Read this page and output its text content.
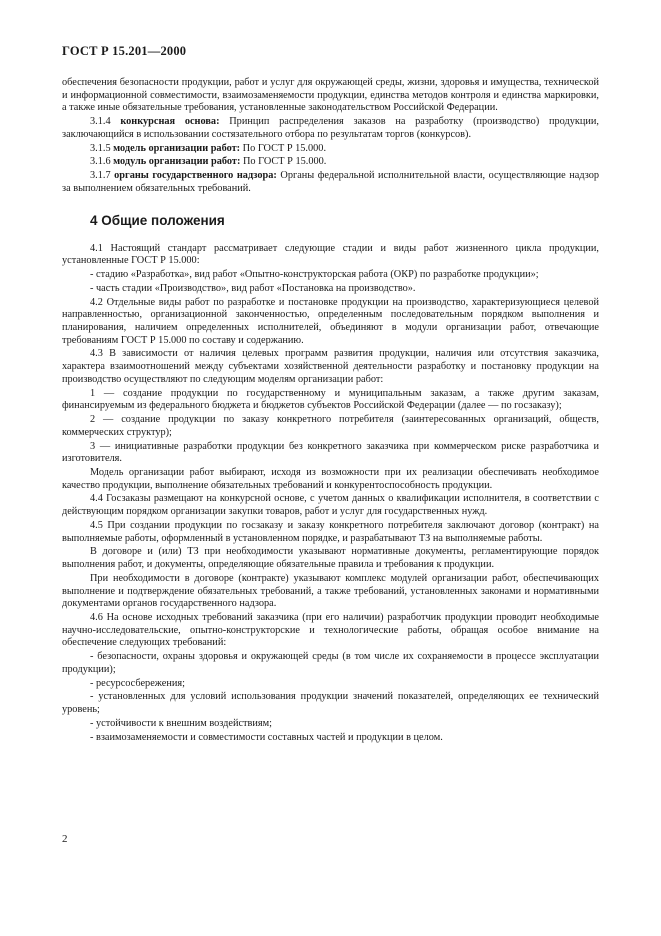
ГОСТ Р 15.201—2000

обеспечения безопасности продукции, работ и услуг для окружающей среды, жизни, здоровья и имущества, технической и информационной совместимости, взаимозаменяемости продукции, единства методов контроля и единства маркировки, а также иные обязательные требования, установленные законодательством Российской Федерации.

3.1.4 конкурсная основа: Принцип распределения заказов на разработку (производство) продукции, заключающийся в использовании состязательного отбора по результатам торгов (конкурсов).

3.1.5 модель организации работ: По ГОСТ Р 15.000.

3.1.6 модуль организации работ: По ГОСТ Р 15.000.

3.1.7 органы государственного надзора: Органы федеральной исполнительной власти, осуществляющие надзор за выполнением обязательных требований.

4 Общие положения

4.1 Настоящий стандарт рассматривает следующие стадии и виды работ жизненного цикла продукции, установленные ГОСТ Р 15.000:

- стадию «Разработка», вид работ «Опытно-конструкторская работа (ОКР) по разработке продукции»;

- часть стадии «Производство», вид работ «Постановка на производство».

4.2 Отдельные виды работ по разработке и постановке продукции на производство, характеризующиеся целевой направленностью, организационной законченностью, определенным последовательным порядком выполнения и планирования, наличием определенных исполнителей, объединяют в модули организации работ, отвечающие требованиям ГОСТ Р 15.000 по составу и содержанию.

4.3 В зависимости от наличия целевых программ развития продукции, наличия или отсутствия заказчика, характера взаимоотношений между субъектами хозяйственной деятельности разработку и постановку продукции на производство осуществляют по следующим моделям организации работ:

1 — создание продукции по государственному и муниципальным заказам, а также другим заказам, финансируемым из федерального бюджета и бюджетов субъектов Российской Федерации (далее — по госзаказу);

2 — создание продукции по заказу конкретного потребителя (заинтересованных организаций, обществ, коммерческих структур);

3 — инициативные разработки продукции без конкретного заказчика при коммерческом риске разработчика и изготовителя.

Модель организации работ выбирают, исходя из возможности при их реализации обеспечивать необходимое качество продукции, выполнение обязательных требований и конкурентоспособность продукции.

4.4 Госзаказы размещают на конкурсной основе, с учетом данных о квалификации исполнителя, в соответствии с действующим порядком организации закупки товаров, работ и услуг для государственных нужд.

4.5 При создании продукции по госзаказу и заказу конкретного потребителя заключают договор (контракт) на выполняемые работы, оформленный в установленном порядке, и разрабатывают ТЗ на выполняемые работы.

В договоре и (или) ТЗ при необходимости указывают нормативные документы, регламентирующие порядок выполнения работ, и документы, определяющие обязательные правила и требования к продукции.

При необходимости в договоре (контракте) указывают комплекс модулей организации работ, обеспечивающих выполнение и подтверждение обязательных требований, а также требований, установленных законами и нормативными документами органов государственного надзора.

4.6 На основе исходных требований заказчика (при его наличии) разработчик продукции проводит необходимые научно-исследовательские, опытно-конструкторские и технологические работы, обращая особое внимание на обеспечение следующих требований:

- безопасности, охраны здоровья и окружающей среды (в том числе их сохраняемости в процессе эксплуатации продукции);

- ресурсосбережения;

- установленных для условий использования продукции значений показателей, определяющих ее технический уровень;

- устойчивости к внешним воздействиям;

- взаимозаменяемости и совместимости составных частей и продукции в целом.

2
